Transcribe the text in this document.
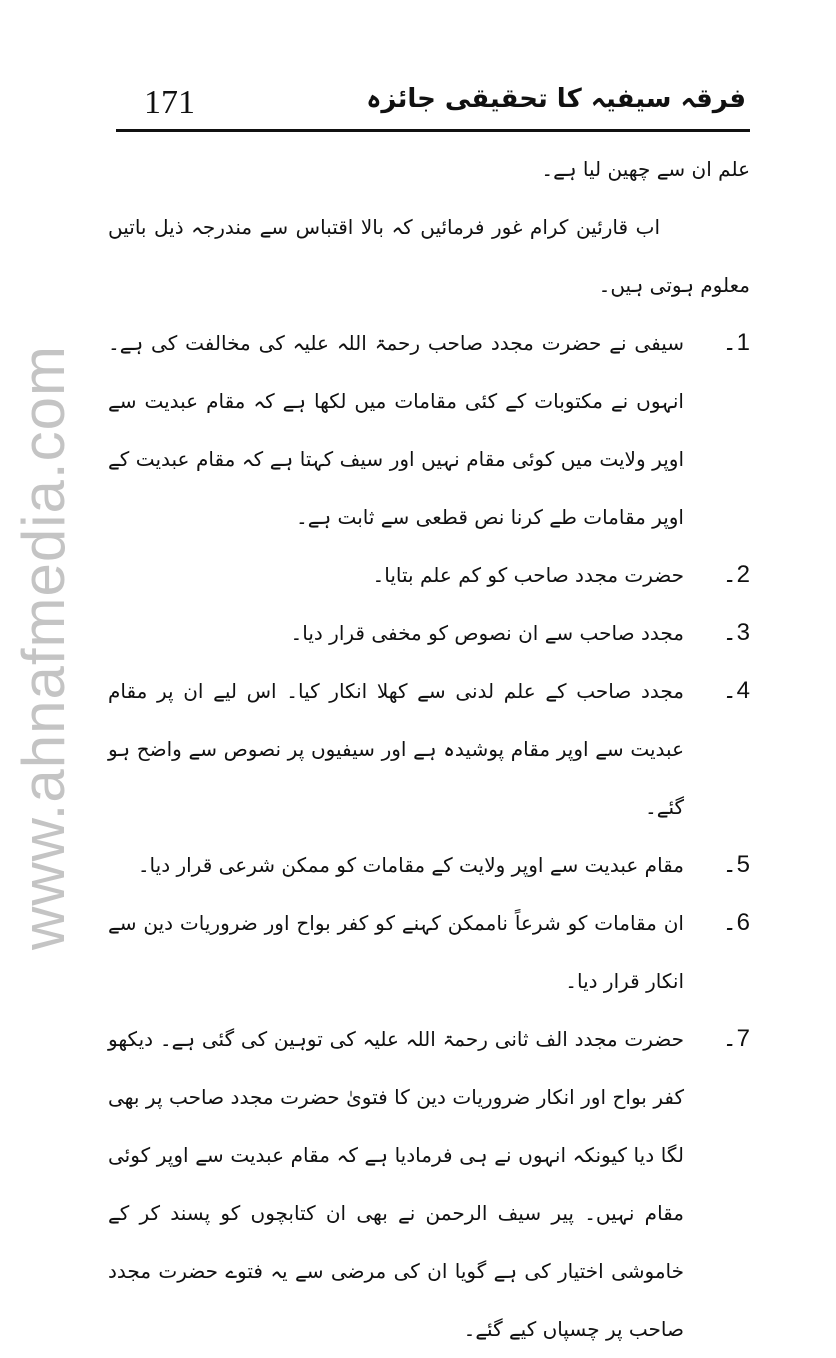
www.ahnafmedia.com
171	فرقہ سیفیہ کا تحقیقی جائزہ

علم ان سے چھین لیا ہے۔

اب قارئین کرام غور فرمائیں کہ بالا اقتباس سے مندرجہ ذیل باتیں معلوم ہوتی ہیں۔

1۔
سیفی نے حضرت مجدد صاحب رحمۃ اللہ علیہ کی مخالفت کی ہے۔ انہوں نے مکتوبات کے کئی مقامات میں لکھا ہے کہ مقام عبدیت سے اوپر ولایت میں کوئی مقام نہیں اور سیف کہتا ہے کہ مقام عبدیت کے اوپر مقامات طے کرنا نص قطعی سے ثابت ہے۔
2۔
حضرت مجدد صاحب کو کم علم بتایا۔
3۔
مجدد صاحب سے ان نصوص کو مخفی قرار دیا۔
4۔
مجدد صاحب کے علم لدنی سے کھلا انکار کیا۔ اس لیے ان پر مقام عبدیت سے اوپر مقام پوشیدہ ہے اور سیفیوں پر نصوص سے واضح ہو گئے۔
5۔
مقام عبدیت سے اوپر ولایت کے مقامات کو ممکن شرعی قرار دیا۔
6۔
ان مقامات کو شرعاً ناممکن کہنے کو کفر بواح اور ضروریات دین سے انکار قرار دیا۔
7۔
حضرت مجدد الف ثانی رحمۃ اللہ علیہ کی توہین کی گئی ہے۔ دیکھو کفر بواح اور انکار ضروریات دین کا فتویٰ حضرت مجدد صاحب پر بھی لگا دیا کیونکہ انہوں نے ہی فرمادیا ہے کہ مقام عبدیت سے اوپر کوئی مقام نہیں۔ پیر سیف الرحمن نے بھی ان کتابچوں کو پسند کر کے خاموشی اختیار کی ہے گویا ان کی مرضی سے یہ فتوے حضرت مجدد صاحب پر چسپاں کیے گئے۔
